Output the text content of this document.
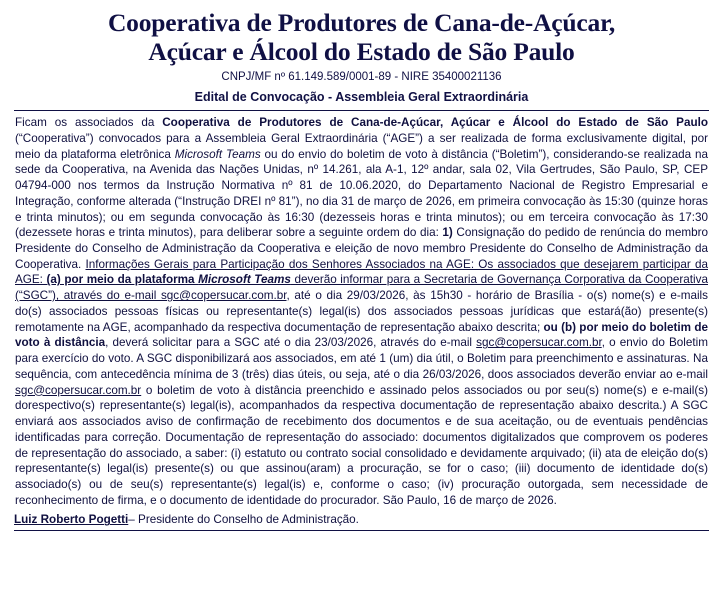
Cooperativa de Produtores de Cana-de-Açúcar,
Açúcar e Álcool do Estado de São Paulo
CNPJ/MF nº 61.149.589/0001-89 - NIRE 35400021136
Edital de Convocação - Assembleia Geral Extraordinária

Ficam os associados da Cooperativa de Produtores de Cana-de-Açúcar, Açúcar e Álcool do Estado de São Paulo (“Cooperativa”) convocados para a Assembleia Geral Extraordinária (“AGE”) a ser realizada de forma exclusivamente digital, por meio da plataforma eletrônica Microsoft Teams ou do envio do boletim de voto à distância (“Boletim”), considerando-se realizada na sede da Cooperativa, na Avenida das Nações Unidas, nº 14.261, ala A-1, 12º andar, sala 02, Vila Gertrudes, São Paulo, SP, CEP 04794-000 nos termos da Instrução Normativa nº 81 de 10.06.2020, do Departamento Nacional de Registro Empresarial e Integração, conforme alterada (“Instrução DREI nº 81”), no dia 31 de março de 2026, em primeira convocação às 15:30 (quinze horas e trinta minutos); ou em segunda convocação às 16:30 (dezesseis horas e trinta minutos); ou em terceira convocação às 17:30 (dezessete horas e trinta minutos), para deliberar sobre a seguinte ordem do dia: 1) Consignação do pedido de renúncia do membro Presidente do Conselho de Administração da Cooperativa e eleição de novo membro Presidente do Conselho de Administração da Cooperativa. Informações Gerais para Participação dos Senhores Associados na AGE: Os associados que desejarem participar da AGE: (a) por meio da plataforma Microsoft Teams deverão informar para a Secretaria de Governança Corporativa da Cooperativa (“SGC”), através do e-mail sgc@copersucar.com.br, até o dia 29/03/2026, às 15h30 - horário de Brasília - o(s) nome(s) e e-mails do(s) associados pessoas físicas ou representante(s) legal(is) dos associados pessoas jurídicas que estará(ão) presente(s) remotamente na AGE, acompanhado da respectiva documentação de representação abaixo descrita; ou (b) por meio do boletim de voto à distância, deverá solicitar para a SGC até o dia 23/03/2026, através do e-mail sgc@copersucar.com.br, o envio do Boletim para exercício do voto. A SGC disponibilizará aos associados, em até 1 (um) dia útil, o Boletim para preenchimento e assinaturas. Na sequência, com antecedência mínima de 3 (três) dias úteis, ou seja, até o dia 26/03/2026, doos associados deverão enviar ao e-mail sgc@copersucar.com.br o boletim de voto à distância preenchido e assinado pelos associados ou por seu(s) nome(s) e e-mail(s) dorespectivo(s) representante(s) legal(is), acompanhados da respectiva documentação de representação abaixo descrita.) A SGC enviará aos associados aviso de confirmação de recebimento dos documentos e de sua aceitação, ou de eventuais pendências identificadas para correção. Documentação de representação do associado: documentos digitalizados que comprovem os poderes de representação do associado, a saber: (i) estatuto ou contrato social consolidado e devidamente arquivado; (ii) ata de eleição do(s) representante(s) legal(is) presente(s) ou que assinou(aram) a procuração, se for o caso; (iii) documento de identidade do(s) associado(s) ou de seu(s) representante(s) legal(is) e, conforme o caso; (iv) procuração outorgada, sem necessidade de reconhecimento de firma, e o documento de identidade do procurador. São Paulo, 16 de março de 2026.

Luiz Roberto Pogetti– Presidente do Conselho de Administração.
